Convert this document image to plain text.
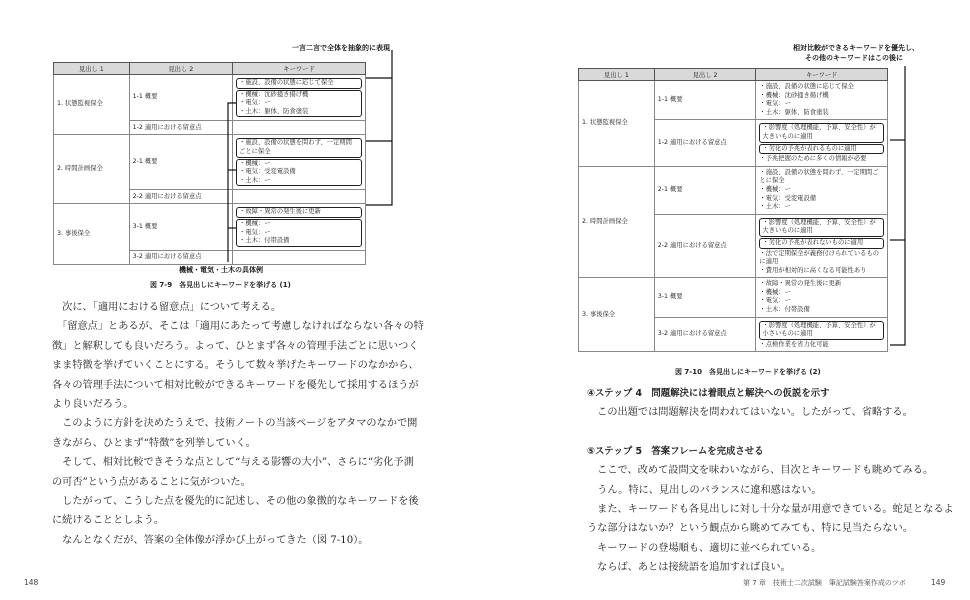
一言二言で全体を抽象的に表現
見出し 1	見出し 2	キーワード
1. 状態監視保全	1-1 概要	・施設、設備の状態に応じて保全
・機械：沈砂掻き揚げ機
・電気：ー
・土木：躯体、防食塗装

	1-2 適用における留意点	
2. 時間計画保全	2-1 概要	・施設、設備の状態を問わず、一定期間
ごとに保全
・機械：ー
・電気：受変電設備
・土木：ー

	2-2 適用における留意点	
3. 事後保全	3-1 概要	・故障・異常の発生後に更新
・機械：ー
・電気：ー
・土木：付帯設備

	3-2 適用における留意点	
機械・電気・土木の具体例
図 7-9　各見出しにキーワードを挙げる (1)

　次に、「適用における留意点」について考える。

　「留意点」とあるが、そこは「適用にあたって考慮しなければならない各々の特

徴」と解釈しても良いだろう。よって、ひとまず各々の管理手法ごとに思いつく

まま特徴を挙げていくことにする。そうして数々挙げたキーワードのなかから、

各々の管理手法について相対比較ができるキーワードを優先して採用するほうが

より良いだろう。

　このように方針を決めたうえで、技術ノートの当該ページをアタマのなかで開

きながら、ひとまず“特徴”を列挙していく。

　そして、相対比較できそうな点として“与える影響の大小”、さらに“劣化予測

の可否”という点があることに気がついた。

　したがって、こうした点を優先的に記述し、その他の象徴的なキーワードを後

に続けることとしよう。

　なんとなくだが、答案の全体像が浮かび上がってきた（図 7-10）。

148
相対比較ができるキーワードを優先し、
その他のキーワードはこの後に
見出し 1	見出し 2	キーワード
1. 状態監視保全	1-1 概要	・施設、設備の状態に応じて保全
・機械：沈砂掻き揚げ機
・電気：ー
・土木：躯体、防食塗装

	1-2 適用における留意点	・影響度（処理機能、予算、安全性）が大きいものに適用
・劣化の予兆が表れるものに適用
・予兆把握のために多くの情報が必要

2. 時間計画保全	2-1 概要	・施設、設備の状態を問わず、一定期間ごとに保全
・機械：ー
・電気：受変電設備
・土木：ー

	2-2 適用における留意点	・影響度（処理機能、予算、安全性）が大きいものに適用
・劣化の予兆が表れないものに適用
・法で定期保全が義務付けられているものに適用
・費用が相対的に高くなる可能性あり

3. 事後保全	3-1 概要	・故障・異常の発生後に更新
・機械：ー
・電気：ー
・土木：付帯設備

	3-2 適用における留意点	・影響度（処理機能、予算、安全性）が小さいものに適用
・点検作業を省力化可能
図 7-10　各見出しにキーワードを挙げる (2)

④ステップ 4　問題解決には着眼点と解決への仮説を示す

　この出題では問題解決を問われてはいない。したがって、省略する。

⑤ステップ 5　答案フレームを完成させる

　ここで、改めて設問文を味わいながら、目次とキーワードも眺めてみる。

　うん。特に、見出しのバランスに違和感はない。

　また、キーワードも各見出しに対し十分な量が用意できている。蛇足となるよ

うな部分はないか？という観点から眺めてみても、特に見当たらない。

　キーワードの登場順も、適切に並べられている。

　ならば、あとは接続語を追加すれば良い。

第 7 章　技術士二次試験　筆記試験答案作成のツボ	149
